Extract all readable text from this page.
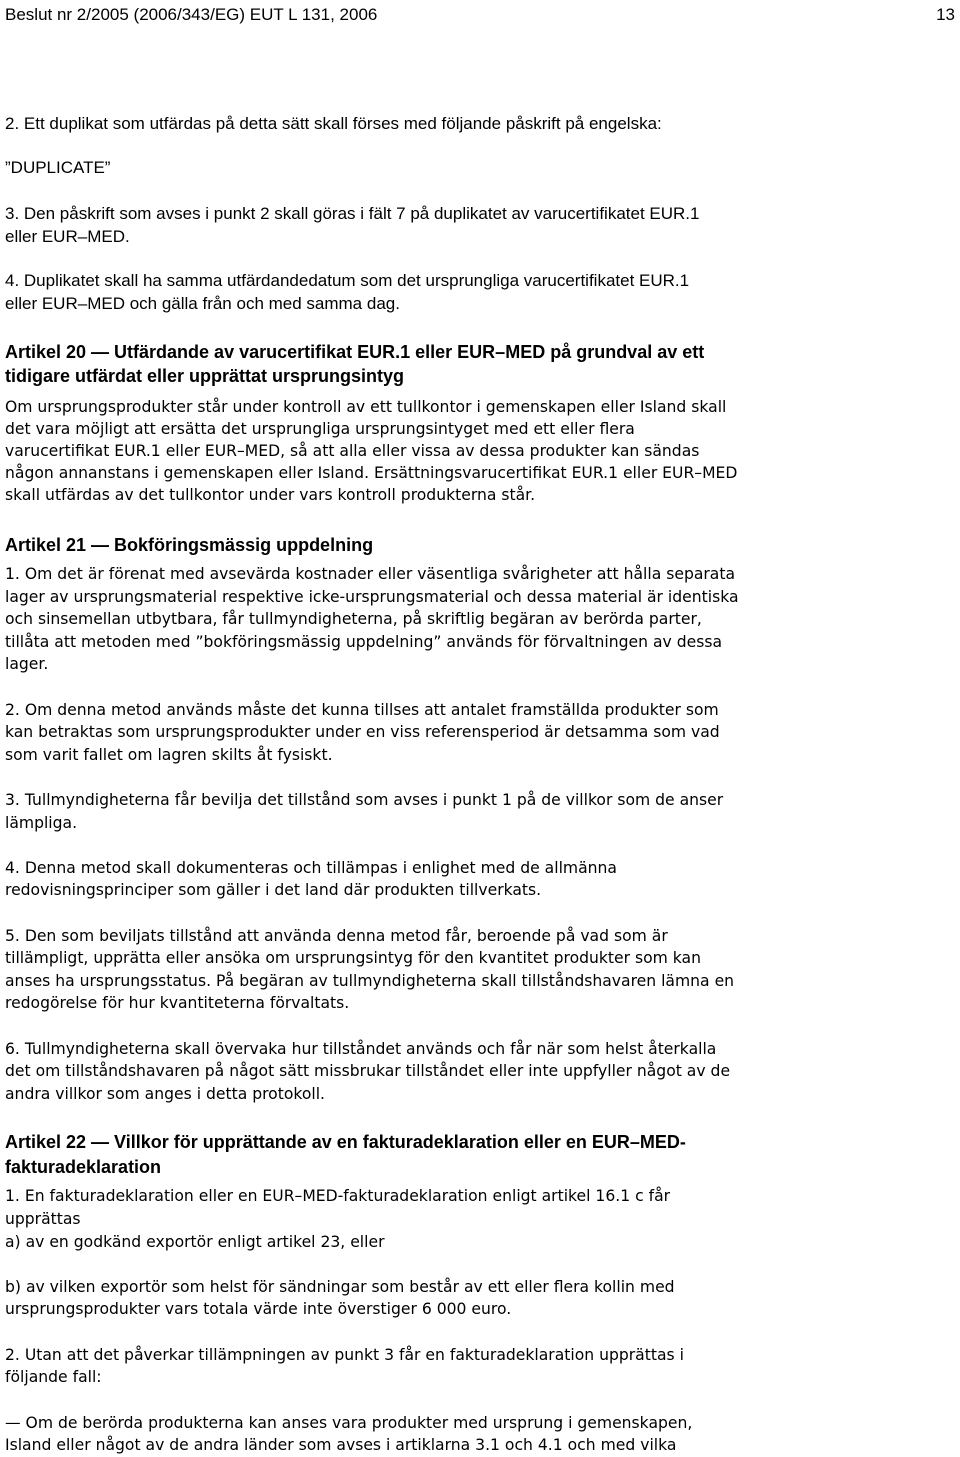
Beslut nr 2/2005 (2006/343/EG) EUT L 131, 2006	13

2. Ett duplikat som utfärdas på detta sätt skall förses med följande påskrift på engelska:

”DUPLICATE”

3. Den påskrift som avses i punkt 2 skall göras i fält 7 på duplikatet av varucertifikatet EUR.1

eller EUR–MED.

4. Duplikatet skall ha samma utfärdandedatum som det ursprungliga varucertifikatet EUR.1

eller EUR–MED och gälla från och med samma dag.

Artikel 20 — Utfärdande av varucertifikat EUR.1 eller EUR–MED på grundval av ett

tidigare utfärdat eller upprättat ursprungsintyg

Om ursprungsprodukter står under kontroll av ett tullkontor i gemenskapen eller Island skall

det vara möjligt att ersätta det ursprungliga ursprungsintyget med ett eller flera

varucertifikat EUR.1 eller EUR–MED, så att alla eller vissa av dessa produkter kan sändas

någon annanstans i gemenskapen eller Island. Ersättningsvarucertifikat EUR.1 eller EUR–MED

skall utfärdas av det tullkontor under vars kontroll produkterna står.

Artikel 21 — Bokföringsmässig uppdelning

1. Om det är förenat med avsevärda kostnader eller väsentliga svårigheter att hålla separata

lager av ursprungsmaterial respektive icke-ursprungsmaterial och dessa material är identiska

och sinsemellan utbytbara, får tullmyndigheterna, på skriftlig begäran av berörda parter,

tillåta att metoden med ”bokföringsmässig uppdelning” används för förvaltningen av dessa

lager.

2. Om denna metod används måste det kunna tillses att antalet framställda produkter som

kan betraktas som ursprungsprodukter under en viss referensperiod är detsamma som vad

som varit fallet om lagren skilts åt fysiskt.

3. Tullmyndigheterna får bevilja det tillstånd som avses i punkt 1 på de villkor som de anser

lämpliga.

4. Denna metod skall dokumenteras och tillämpas i enlighet med de allmänna

redovisningsprinciper som gäller i det land där produkten tillverkats.

5. Den som beviljats tillstånd att använda denna metod får, beroende på vad som är

tillämpligt, upprätta eller ansöka om ursprungsintyg för den kvantitet produkter som kan

anses ha ursprungsstatus. På begäran av tullmyndigheterna skall tillståndshavaren lämna en

redogörelse för hur kvantiteterna förvaltats.

6. Tullmyndigheterna skall övervaka hur tillståndet används och får när som helst återkalla

det om tillståndshavaren på något sätt missbrukar tillståndet eller inte uppfyller något av de

andra villkor som anges i detta protokoll.

Artikel 22 — Villkor för upprättande av en fakturadeklaration eller en EUR–MED-

fakturadeklaration

1. En fakturadeklaration eller en EUR–MED-fakturadeklaration enligt artikel 16.1 c får

upprättas

a) av en godkänd exportör enligt artikel 23, eller

b) av vilken exportör som helst för sändningar som består av ett eller flera kollin med

ursprungsprodukter vars totala värde inte överstiger 6 000 euro.

2. Utan att det påverkar tillämpningen av punkt 3 får en fakturadeklaration upprättas i

följande fall:

— Om de berörda produkterna kan anses vara produkter med ursprung i gemenskapen,

Island eller något av de andra länder som avses i artiklarna 3.1 och 4.1 och med vilka
